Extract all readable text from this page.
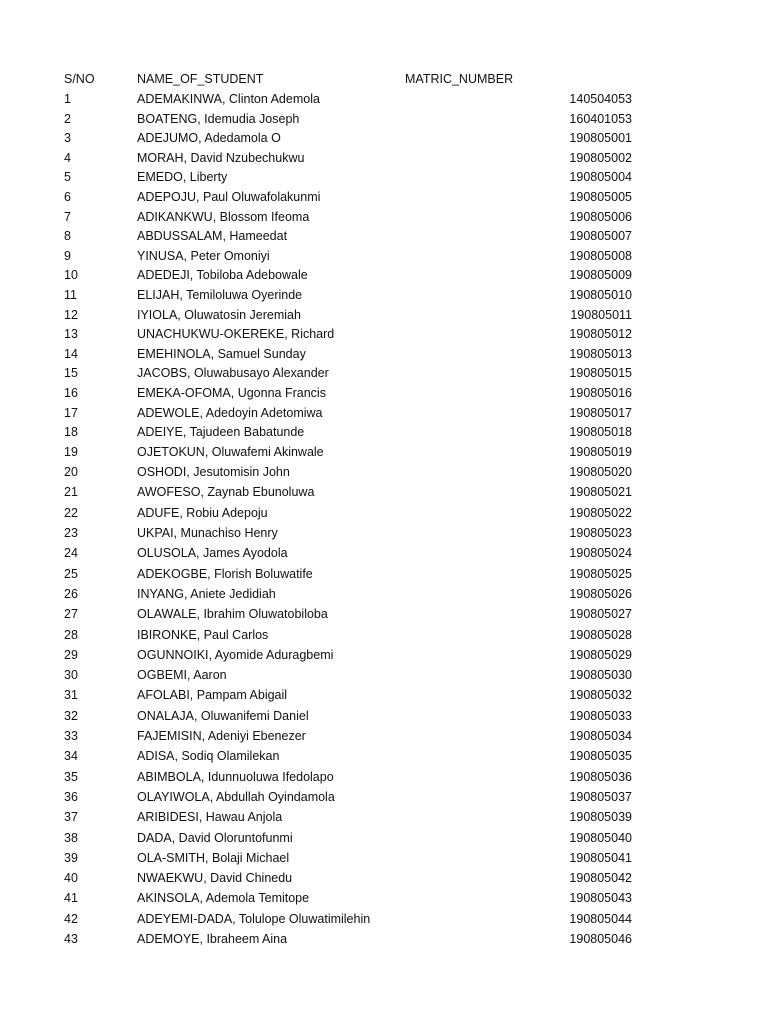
S/NO	NAME_OF_STUDENT	MATRIC_NUMBER
1	ADEMAKINWA, Clinton Ademola	140504053
2	BOATENG, Idemudia Joseph	160401053
3	ADEJUMO, Adedamola O	190805001
4	MORAH, David Nzubechukwu	190805002
5	EMEDO, Liberty	190805004
6	ADEPOJU, Paul Oluwafolakunmi	190805005
7	ADIKANKWU, Blossom Ifeoma	190805006
8	ABDUSSALAM, Hameedat	190805007
9	YINUSA, Peter Omoniyi	190805008
10	ADEDEJI, Tobiloba Adebowale	190805009
11	ELIJAH, Temiloluwa Oyerinde	190805010
12	IYIOLA, Oluwatosin Jeremiah	190805011
13	UNACHUKWU-OKEREKE, Richard	190805012
14	EMEHINOLA, Samuel Sunday	190805013
15	JACOBS, Oluwabusayo Alexander	190805015
16	EMEKA-OFOMA, Ugonna Francis	190805016
17	ADEWOLE, Adedoyin Adetomiwa	190805017
18	ADEIYE, Tajudeen Babatunde	190805018
19	OJETOKUN, Oluwafemi Akinwale	190805019
20	OSHODI, Jesutomisin John	190805020
21	AWOFESO, Zaynab Ebunoluwa	190805021
22	ADUFE, Robiu Adepoju	190805022
23	UKPAI, Munachiso Henry	190805023
24	OLUSOLA, James Ayodola	190805024
25	ADEKOGBE, Florish Boluwatife	190805025
26	INYANG, Aniete Jedidiah	190805026
27	OLAWALE, Ibrahim Oluwatobiloba	190805027
28	IBIRONKE, Paul Carlos	190805028
29	OGUNNOIKI, Ayomide Aduragbemi	190805029
30	OGBEMI, Aaron	190805030
31	AFOLABI, Pampam Abigail	190805032
32	ONALAJA, Oluwanifemi Daniel	190805033
33	FAJEMISIN, Adeniyi Ebenezer	190805034
34	ADISA, Sodiq Olamilekan	190805035
35	ABIMBOLA, Idunnuoluwa Ifedolapo	190805036
36	OLAYIWOLA, Abdullah Oyindamola	190805037
37	ARIBIDESI, Hawau Anjola	190805039
38	DADA, David Oloruntofunmi	190805040
39	OLA-SMITH, Bolaji Michael	190805041
40	NWAEKWU, David Chinedu	190805042
41	AKINSOLA, Ademola Temitope	190805043
42	ADEYEMI-DADA, Tolulope Oluwatimilehin	190805044
43	ADEMOYE, Ibraheem Aina	190805046
